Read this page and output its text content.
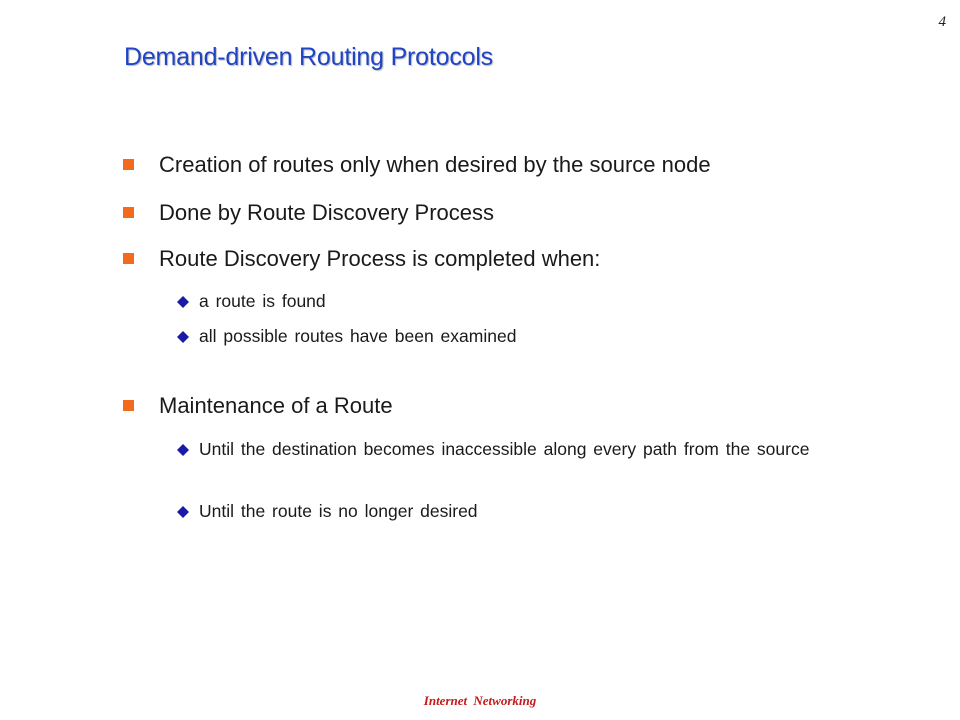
4
Demand-driven Routing Protocols
Creation of routes only when desired by the source node
Done by Route Discovery Process
Route Discovery Process is completed when:
a route is found
all possible routes have been examined
Maintenance of a Route
Until the destination becomes inaccessible along every path from the source
Until the route is no longer desired
Internet Networking
